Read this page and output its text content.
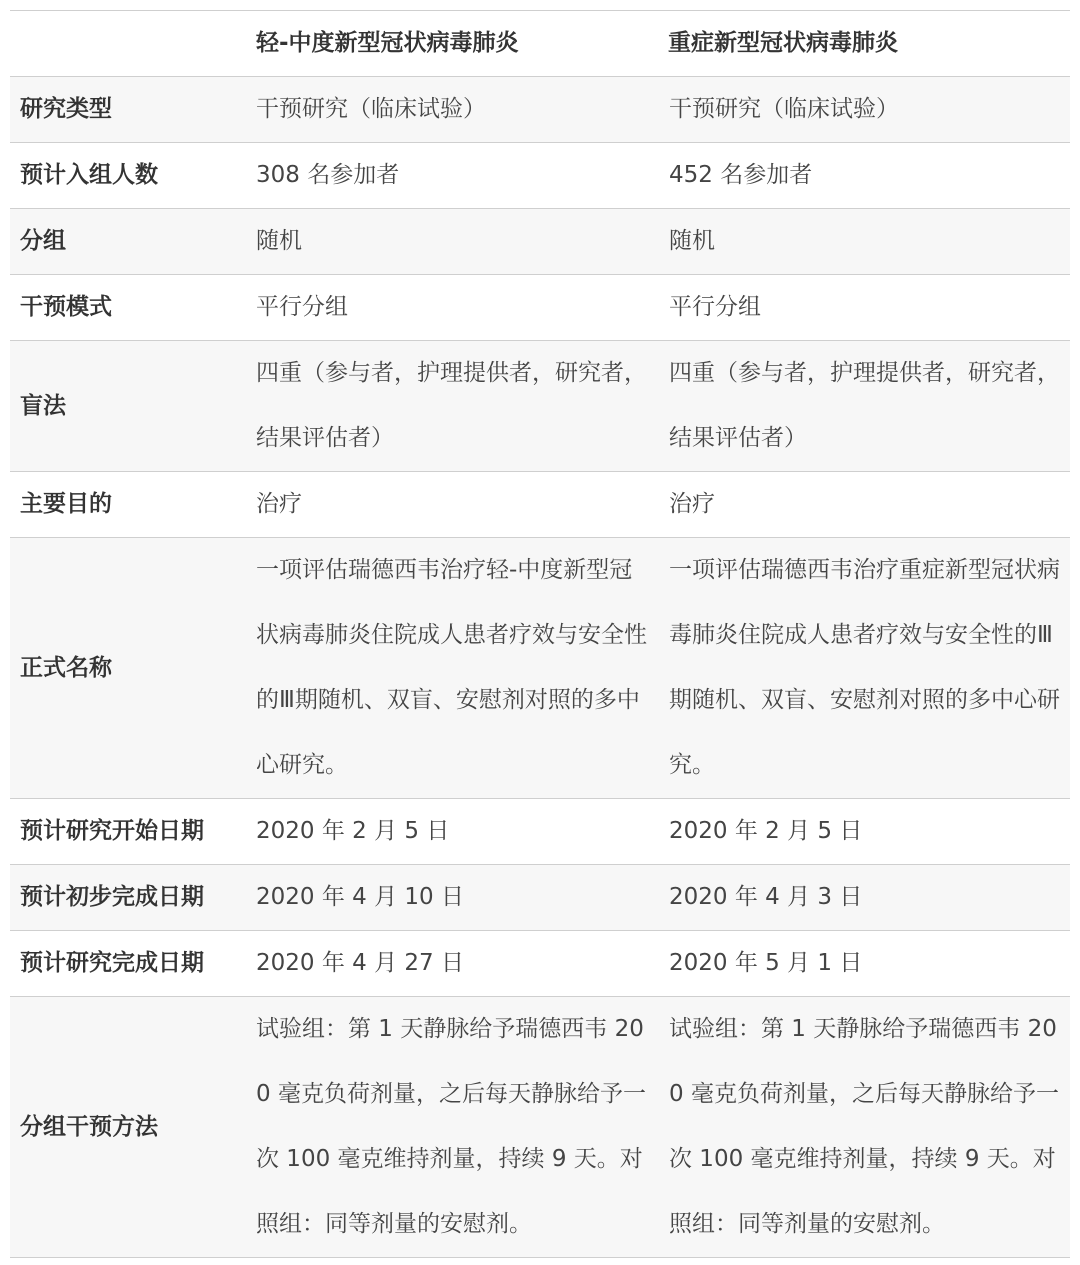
	轻-中度新型冠状病毒肺炎	重症新型冠状病毒肺炎
研究类型	干预研究（临床试验）	干预研究（临床试验）
预计入组人数	308 名参加者	452 名参加者
分组	随机	随机
干预模式	平行分组	平行分组
盲法	四重（参与者，护理提供者，研究者，结果评估者）	四重（参与者，护理提供者，研究者，结果评估者）
主要目的	治疗	治疗
正式名称	一项评估瑞德西韦治疗轻-中度新型冠状病毒肺炎住院成人患者疗效与安全性的Ⅲ期随机、双盲、安慰剂对照的多中心研究。	一项评估瑞德西韦治疗重症新型冠状病毒肺炎住院成人患者疗效与安全性的Ⅲ期随机、双盲、安慰剂对照的多中心研究。
预计研究开始日期	2020 年 2 月 5 日	2020 年 2 月 5 日
预计初步完成日期	2020 年 4 月 10 日	2020 年 4 月 3 日
预计研究完成日期	2020 年 4 月 27 日	2020 年 5 月 1 日
分组干预方法	试验组：第 1 天静脉给予瑞德西韦 200 毫克负荷剂量，之后每天静脉给予一次 100 毫克维持剂量，持续 9 天。对照组：同等剂量的安慰剂。	试验组：第 1 天静脉给予瑞德西韦 200 毫克负荷剂量，之后每天静脉给予一次 100 毫克维持剂量，持续 9 天。对照组：同等剂量的安慰剂。
